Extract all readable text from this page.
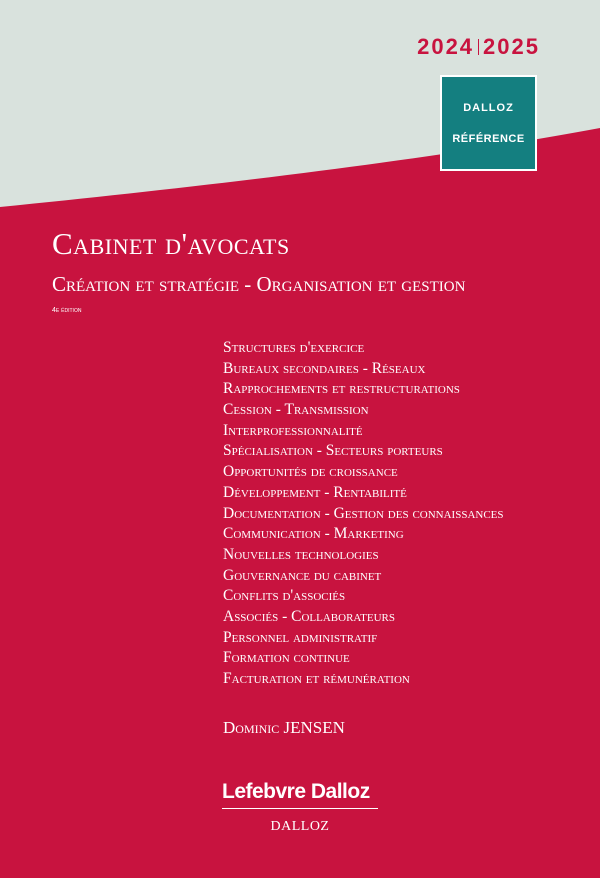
2024 2025
DALLOZ
RÉFÉRENCE
Cabinet d'avocats
Création et stratégie - Organisation et gestion
4e édition
Structures d'exercice
Bureaux secondaires - Réseaux
Rapprochements et restructurations
Cession - Transmission
Interprofessionnalité
Spécialisation - Secteurs porteurs
Opportunités de croissance
Développement - Rentabilité
Documentation - Gestion des connaissances
Communication - Marketing
Nouvelles technologies
Gouvernance du cabinet
Conflits d'associés
Associés - Collaborateurs
Personnel administratif
Formation continue
Facturation et rémunération
Dominic JENSEN
Lefebvre Dalloz
DALLOZ
